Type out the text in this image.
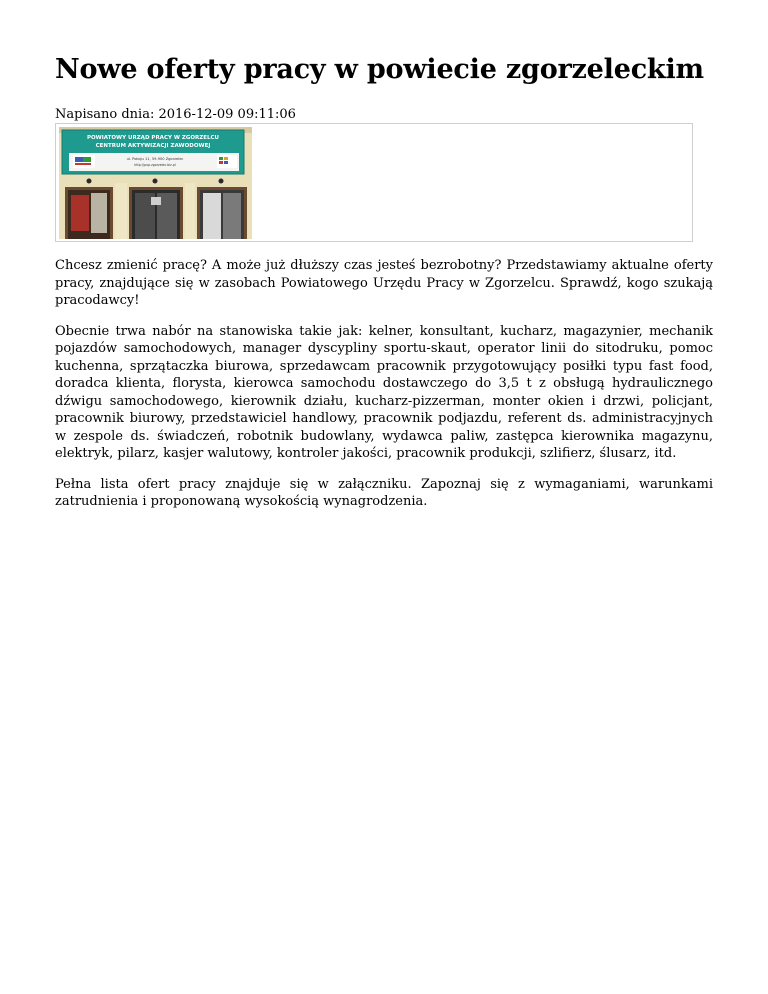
Nowe oferty pracy w powiecie zgorzeleckim
Napisano dnia: 2016-12-09 09:11:06
POWIATOWY URZĄD PRACY W ZGORZELCU
CENTRUM AKTYWIZACJI ZAWODOWEJ
ul. Pokoju 11, 59-900 Zgorzelec
http://pup.zgorzelec.biz.pl

Chcesz zmienić pracę? A może już dłuższy czas jesteś bezrobotny? Przedstawiamy aktualne oferty pracy, znajdujące się w zasobach Powiatowego Urzędu Pracy w Zgorzelcu. Sprawdź, kogo szukają pracodawcy!

Obecnie trwa nabór na stanowiska takie jak: kelner, konsultant, kucharz, magazynier, mechanik pojazdów samochodowych, manager dyscypliny sportu-skaut, operator linii do sitodruku, pomoc kuchenna, sprzątaczka biurowa, sprzedawcam pracownik przygotowujący posiłki typu fast food, doradca klienta, florysta, kierowca samochodu dostawczego do 3,5 t z obsługą hydraulicznego dźwigu samochodowego, kierownik działu, kucharz-pizzerman, monter okien i drzwi, policjant, pracownik biurowy, przedstawiciel handlowy, pracownik podjazdu, referent ds. administracyjnych w zespole ds. świadczeń, robotnik budowlany, wydawca paliw, zastępca kierownika magazynu, elektryk, pilarz, kasjer walutowy, kontroler jakości, pracownik produkcji, szlifierz, ślusarz, itd.

Pełna lista ofert pracy znajduje się w załączniku. Zapoznaj się z wymaganiami, warunkami zatrudnienia i proponowaną wysokością wynagrodzenia.
